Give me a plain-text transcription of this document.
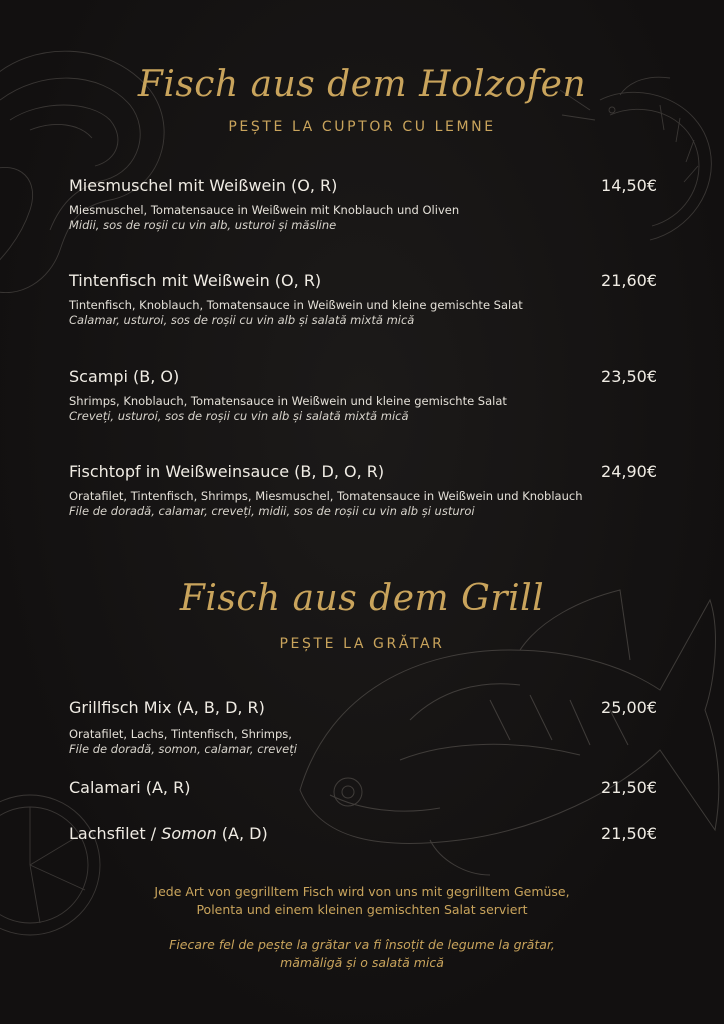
Fisch aus dem Holzofen
PEȘTE LA CUPTOR CU LEMNE
Miesmuschel mit Weißwein (O, R)	14,50€
Miesmuschel, Tomatensauce in Weißwein mit Knoblauch und Oliven
Midii, sos de roșii cu vin alb, usturoi și măsline
Tintenfisch mit Weißwein (O, R)	21,60€
Tintenfisch, Knoblauch, Tomatensauce in Weißwein und kleine gemischte Salat
Calamar, usturoi, sos de roșii cu vin alb și salată mixtă mică
Scampi (B, O)	23,50€
Shrimps, Knoblauch, Tomatensauce in Weißwein und kleine gemischte Salat
Creveți, usturoi, sos de roșii cu vin alb și salată mixtă mică
Fischtopf in Weißweinsauce (B, D, O, R)	24,90€
Oratafilet, Tintenfisch, Shrimps, Miesmuschel, Tomatensauce in Weißwein und Knoblauch
File de doradă, calamar, creveți, midii, sos de roșii cu vin alb și usturoi
Fisch aus dem Grill
PEȘTE LA GRĂTAR
Grillfisch Mix (A, B, D, R)	25,00€
Oratafilet, Lachs, Tintenfisch, Shrimps,
File de doradă, somon, calamar, creveți
Calamari (A, R)	21,50€
Lachsfilet / Somon (A, D)	21,50€
Jede Art von gegrilltem Fisch wird von uns mit gegrilltem Gemüse,
Polenta und einem kleinen gemischten Salat serviert
Fiecare fel de pește la grătar va fi însoțit de legume la grătar,
mămăligă și o salată mică
